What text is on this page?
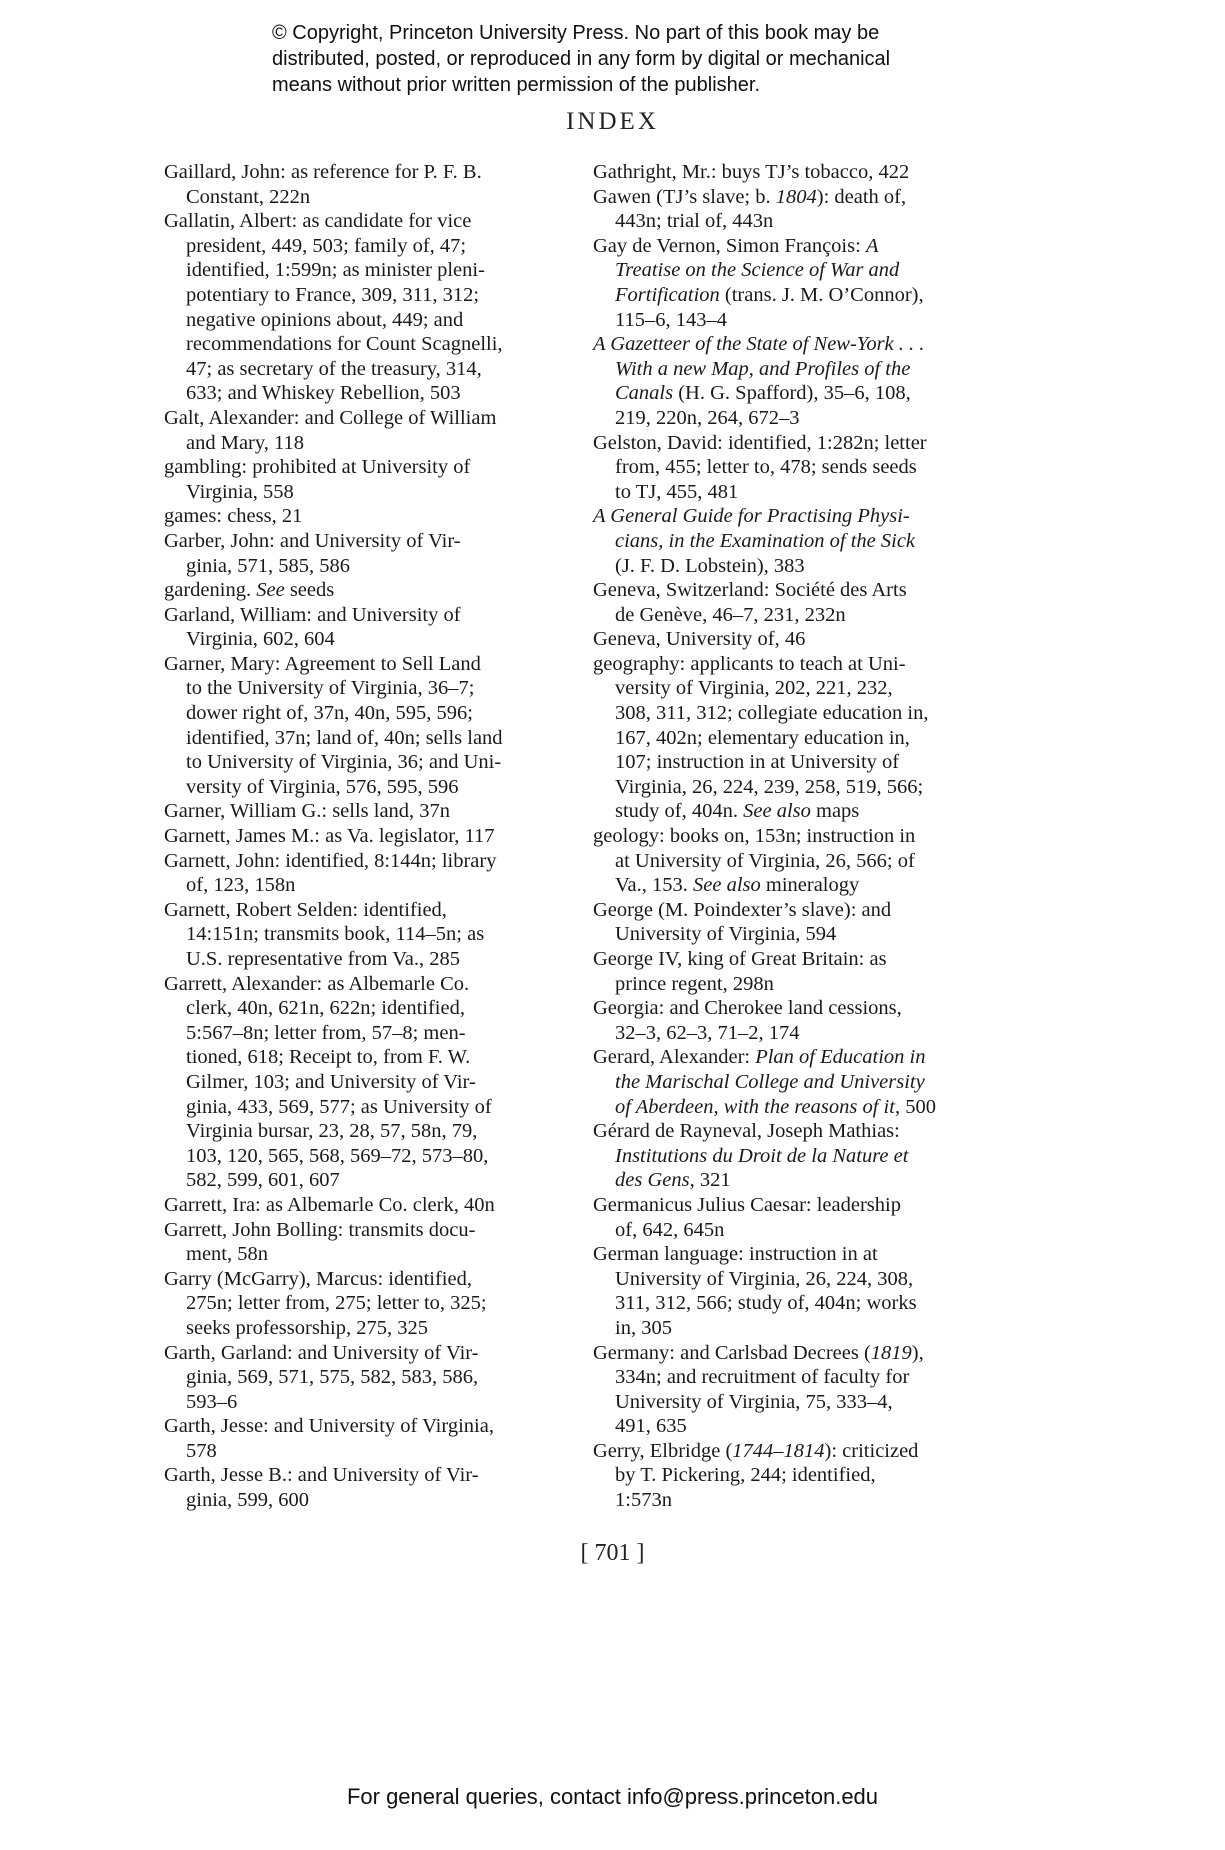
© Copyright, Princeton University Press. No part of this book may be
distributed, posted, or reproduced in any form by digital or mechanical
means without prior written permission of the publisher.
INDEX
Gaillard, John: as reference for P. F. B.
Constant, 222n
Gallatin, Albert: as candidate for vice
president, 449, 503; family of, 47;
identified, 1:599n; as minister pleni-
potentiary to France, 309, 311, 312;
negative opinions about, 449; and
recommendations for Count Scagnelli,
47; as secretary of the treasury, 314,
633; and Whiskey Rebellion, 503
Galt, Alexander: and College of William
and Mary, 118
gambling: prohibited at University of
Virginia, 558
games: chess, 21
Garber, John: and University of Vir-
ginia, 571, 585, 586
gardening. See seeds
Garland, William: and University of
Virginia, 602, 604
Garner, Mary: Agreement to Sell Land
to the University of Virginia, 36–7;
dower right of, 37n, 40n, 595, 596;
identified, 37n; land of, 40n; sells land
to University of Virginia, 36; and Uni-
versity of Virginia, 576, 595, 596
Garner, William G.: sells land, 37n
Garnett, James M.: as Va. legislator, 117
Garnett, John: identified, 8:144n; library
of, 123, 158n
Garnett, Robert Selden: identified,
14:151n; transmits book, 114–5n; as
U.S. representative from Va., 285
Garrett, Alexander: as Albemarle Co.
clerk, 40n, 621n, 622n; identified,
5:567–8n; letter from, 57–8; men-
tioned, 618; Receipt to, from F. W.
Gilmer, 103; and University of Vir-
ginia, 433, 569, 577; as University of
Virginia bursar, 23, 28, 57, 58n, 79,
103, 120, 565, 568, 569–72, 573–80,
582, 599, 601, 607
Garrett, Ira: as Albemarle Co. clerk, 40n
Garrett, John Bolling: transmits docu-
ment, 58n
Garry (McGarry), Marcus: identified,
275n; letter from, 275; letter to, 325;
seeks professorship, 275, 325
Garth, Garland: and University of Vir-
ginia, 569, 571, 575, 582, 583, 586,
593–6
Garth, Jesse: and University of Virginia,
578
Garth, Jesse B.: and University of Vir-
ginia, 599, 600
Gathright, Mr.: buys TJ’s tobacco, 422
Gawen (TJ’s slave; b. 1804): death of,
443n; trial of, 443n
Gay de Vernon, Simon François: A
Treatise on the Science of War and
Fortification (trans. J. M. O’Connor),
115–6, 143–4
A Gazetteer of the State of New-York . . .
With a new Map, and Profiles of the
Canals (H. G. Spafford), 35–6, 108,
219, 220n, 264, 672–3
Gelston, David: identified, 1:282n; letter
from, 455; letter to, 478; sends seeds
to TJ, 455, 481
A General Guide for Practising Physi-
cians, in the Examination of the Sick
(J. F. D. Lobstein), 383
Geneva, Switzerland: Société des Arts
de Genève, 46–7, 231, 232n
Geneva, University of, 46
geography: applicants to teach at Uni-
versity of Virginia, 202, 221, 232,
308, 311, 312; collegiate education in,
167, 402n; elementary education in,
107; instruction in at University of
Virginia, 26, 224, 239, 258, 519, 566;
study of, 404n. See also maps
geology: books on, 153n; instruction in
at University of Virginia, 26, 566; of
Va., 153. See also mineralogy
George (M. Poindexter’s slave): and
University of Virginia, 594
George IV, king of Great Britain: as
prince regent, 298n
Georgia: and Cherokee land cessions,
32–3, 62–3, 71–2, 174
Gerard, Alexander: Plan of Education in
the Marischal College and University
of Aberdeen, with the reasons of it, 500
Gérard de Rayneval, Joseph Mathias:
Institutions du Droit de la Nature et
des Gens, 321
Germanicus Julius Caesar: leadership
of, 642, 645n
German language: instruction in at
University of Virginia, 26, 224, 308,
311, 312, 566; study of, 404n; works
in, 305
Germany: and Carlsbad Decrees (1819),
334n; and recruitment of faculty for
University of Virginia, 75, 333–4,
491, 635
Gerry, Elbridge (1744–1814): criticized
by T. Pickering, 244; identified,
1:573n
[ 701 ]
For general queries, contact info@press.princeton.edu
